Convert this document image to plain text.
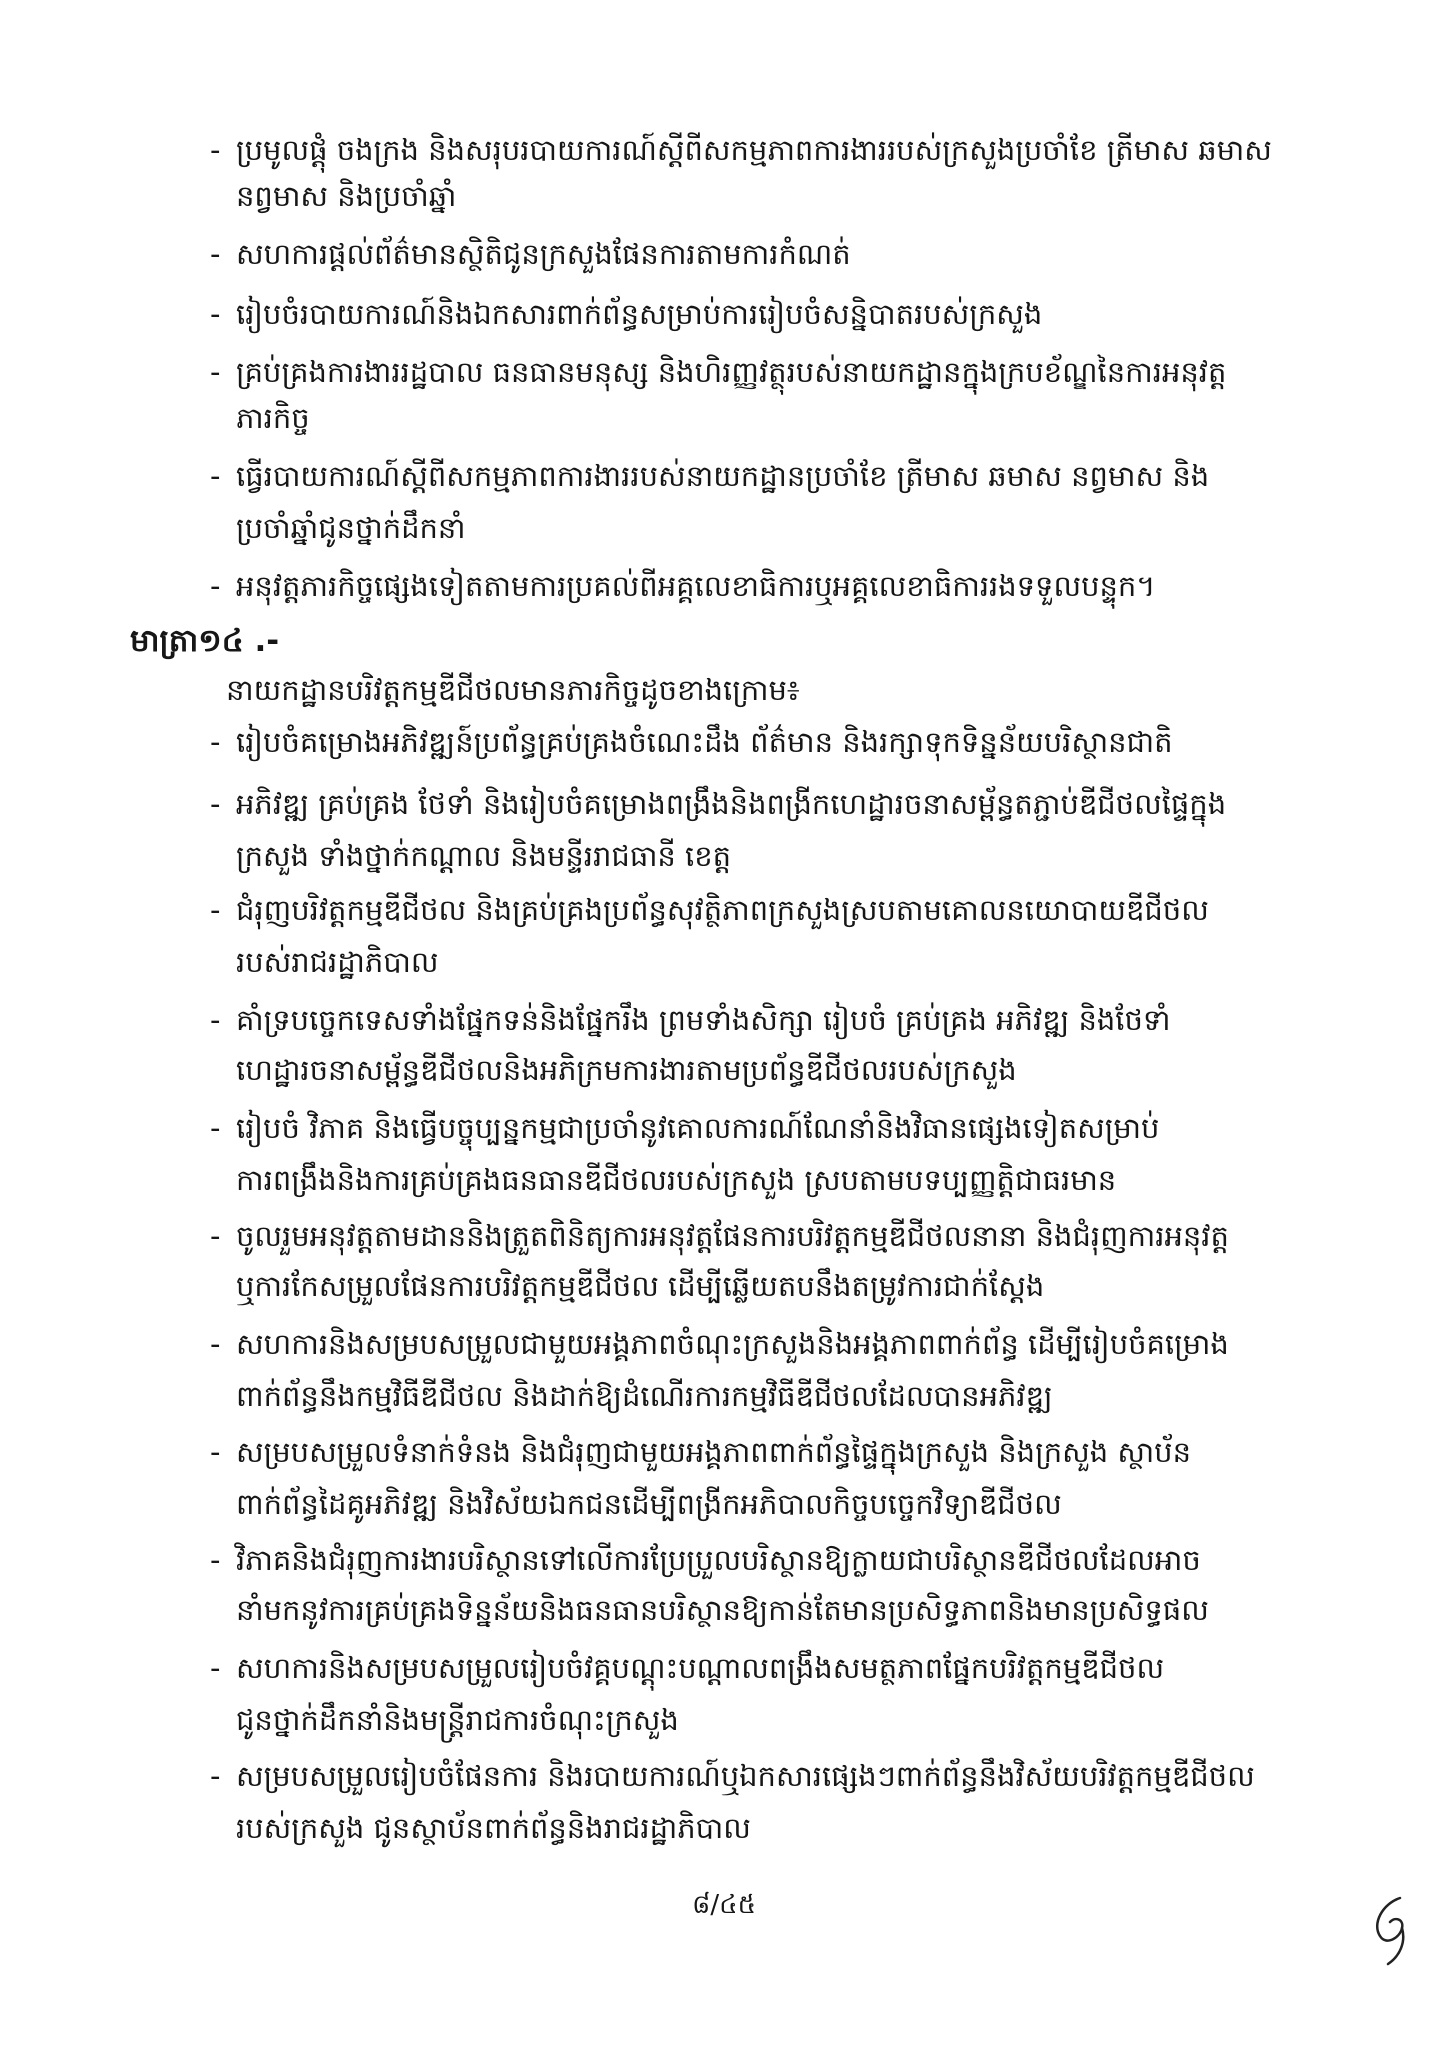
- ប្រមូលផ្តុំ ចងក្រង និងសរុបរបាយការណ៍ស្តីពីសកម្មភាពការងាររបស់ក្រសួងប្រចាំខែ ត្រីមាស ឆមាស
នព្វមាស និងប្រចាំឆ្នាំ
- សហការផ្តល់ព័ត៌មានស្ថិតិជូនក្រសួងផែនការតាមការកំណត់
- រៀបចំរបាយការណ៍និងឯកសារពាក់ព័ន្ធសម្រាប់ការរៀបចំសន្និបាតរបស់ក្រសួង
- គ្រប់គ្រងការងាររដ្ឋបាល ធនធានមនុស្ស និងហិរញ្ញវត្ថុរបស់នាយកដ្ឋានក្នុងក្របខ័ណ្ឌនៃការអនុវត្ត
ភារកិច្ច
- ធ្វើរបាយការណ៍ស្តីពីសកម្មភាពការងាររបស់នាយកដ្ឋានប្រចាំខែ ត្រីមាស ឆមាស នព្វមាស និង
ប្រចាំឆ្នាំជូនថ្នាក់ដឹកនាំ
- អនុវត្តភារកិច្ចផ្សេងទៀតតាមការប្រគល់ពីអគ្គលេខាធិការឬអគ្គលេខាធិការរងទទួលបន្ទុក។
មាត្រា១៤ .-
នាយកដ្ឋានបរិវត្តកម្មឌីជីថលមានភារកិច្ចដូចខាងក្រោម៖
- រៀបចំគម្រោងអភិវឌ្ឍន៍ប្រព័ន្ធគ្រប់គ្រងចំណេះដឹង ព័ត៌មាន និងរក្សាទុកទិន្នន័យបរិស្ថានជាតិ
- អភិវឌ្ឍ គ្រប់គ្រង ថែទាំ និងរៀបចំគម្រោងពង្រឹងនិងពង្រីកហេដ្ឋារចនាសម្ព័ន្ធតភ្ជាប់ឌីជីថលផ្ទៃក្នុង
ក្រសួង ទាំងថ្នាក់កណ្តាល និងមន្ទីររាជធានី ខេត្ត
- ជំរុញបរិវត្តកម្មឌីជីថល និងគ្រប់គ្រងប្រព័ន្ធសុវត្ថិភាពក្រសួងស្របតាមគោលនយោបាយឌីជីថល
របស់រាជរដ្ឋាភិបាល
- គាំទ្របច្ចេកទេសទាំងផ្នែកទន់និងផ្នែករឹង ព្រមទាំងសិក្សា រៀបចំ គ្រប់គ្រង អភិវឌ្ឍ និងថែទាំ
ហេដ្ឋារចនាសម្ព័ន្ធឌីជីថលនិងអភិក្រមការងារតាមប្រព័ន្ធឌីជីថលរបស់ក្រសួង
- រៀបចំ វិភាគ និងធ្វើបច្ចុប្បន្នកម្មជាប្រចាំនូវគោលការណ៍ណែនាំនិងវិធានផ្សេងទៀតសម្រាប់
ការពង្រឹងនិងការគ្រប់គ្រងធនធានឌីជីថលរបស់ក្រសួង ស្របតាមបទប្បញ្ញត្តិជាធរមាន
- ចូលរួមអនុវត្តតាមដាននិងត្រួតពិនិត្យការអនុវត្តផែនការបរិវត្តកម្មឌីជីថលនានា និងជំរុញការអនុវត្ត
ឬការកែសម្រួលផែនការបរិវត្តកម្មឌីជីថល ដើម្បីឆ្លើយតបនឹងតម្រូវការជាក់ស្តែង
- សហការនិងសម្របសម្រួលជាមួយអង្គភាពចំណុះក្រសួងនិងអង្គភាពពាក់ព័ន្ធ ដើម្បីរៀបចំគម្រោង
ពាក់ព័ន្ធនឹងកម្មវិធីឌីជីថល និងដាក់ឱ្យដំណើរការកម្មវិធីឌីជីថលដែលបានអភិវឌ្ឍ
- សម្របសម្រួលទំនាក់ទំនង និងជំរុញជាមួយអង្គភាពពាក់ព័ន្ធផ្ទៃក្នុងក្រសួង និងក្រសួង ស្ថាប័ន
ពាក់ព័ន្ធដៃគូអភិវឌ្ឍ និងវិស័យឯកជនដើម្បីពង្រីកអភិបាលកិច្ចបច្ចេកវិទ្យាឌីជីថល
- វិភាគនិងជំរុញការងារបរិស្ថានទៅលើការប្រែប្រួលបរិស្ថានឱ្យក្លាយជាបរិស្ថានឌីជីថលដែលអាច
នាំមកនូវការគ្រប់គ្រងទិន្នន័យនិងធនធានបរិស្ថានឱ្យកាន់តែមានប្រសិទ្ធភាពនិងមានប្រសិទ្ធផល
- សហការនិងសម្របសម្រួលរៀបចំវគ្គបណ្តុះបណ្តាលពង្រឹងសមត្ថភាពផ្នែកបរិវត្តកម្មឌីជីថល
ជូនថ្នាក់ដឹកនាំនិងមន្ត្រីរាជការចំណុះក្រសួង
- សម្របសម្រួលរៀបចំផែនការ និងរបាយការណ៍ឬឯកសារផ្សេងៗពាក់ព័ន្ធនឹងវិស័យបរិវត្តកម្មឌីជីថល
របស់ក្រសួង ជូនស្ថាប័នពាក់ព័ន្ធនិងរាជរដ្ឋាភិបាល
៨/៤៥
